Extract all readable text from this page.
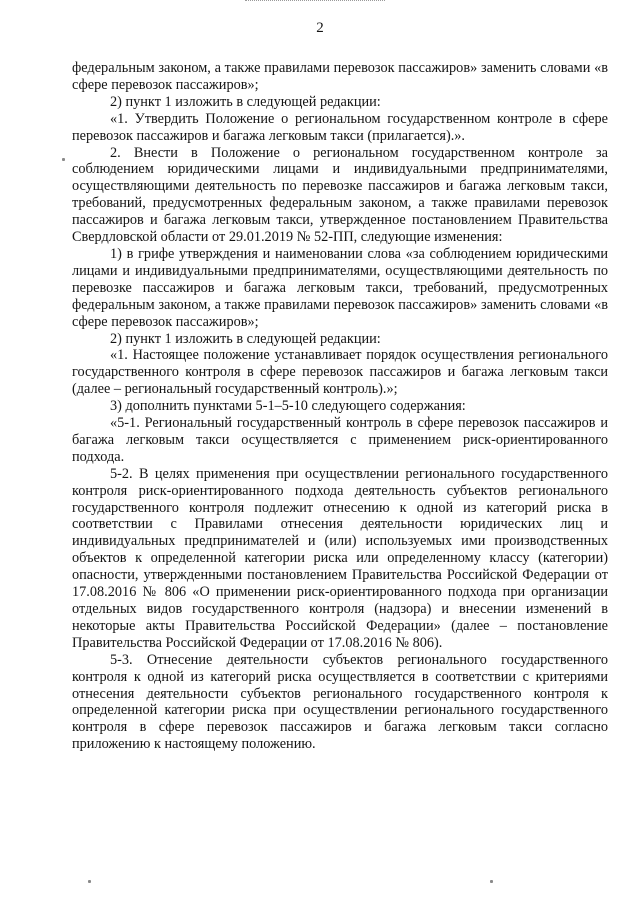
2

федеральным законом, а также правилами перевозок пассажиров» заменить словами «в сфере перевозок пассажиров»;

2) пункт 1 изложить в следующей редакции:

«1. Утвердить Положение о региональном государственном контроле в сфере перевозок пассажиров и багажа легковым такси (прилагается).».

2. Внести в Положение о региональном государственном контроле за соблюдением юридическими лицами и индивидуальными предпринимателями, осуществляющими деятельность по перевозке пассажиров и багажа легковым такси, требований, предусмотренных федеральным законом, а также правилами перевозок пассажиров и багажа легковым такси, утвержденное постановлением Правительства Свердловской области от 29.01.2019 № 52-ПП, следующие изменения:

1) в грифе утверждения и наименовании слова «за соблюдением юридическими лицами и индивидуальными предпринимателями, осуществляющими деятельность по перевозке пассажиров и багажа легковым такси, требований, предусмотренных федеральным законом, а также правилами перевозок пассажиров» заменить словами «в сфере перевозок пассажиров»;

2) пункт 1 изложить в следующей редакции:

«1. Настоящее положение устанавливает порядок осуществления регионального государственного контроля в сфере перевозок пассажиров и багажа легковым такси (далее – региональный государственный контроль).»;

3) дополнить пунктами 5-1–5-10 следующего содержания:

«5-1. Региональный государственный контроль в сфере перевозок пассажиров и багажа легковым такси осуществляется с применением риск-ориентированного подхода.

5-2. В целях применения при осуществлении регионального государственного контроля риск-ориентированного подхода деятельность субъектов регионального государственного контроля подлежит отнесению к одной из категорий риска в соответствии с Правилами отнесения деятельности юридических лиц и индивидуальных предпринимателей и (или) используемых ими производственных объектов к определенной категории риска или определенному классу (категории) опасности, утвержденными постановлением Правительства Российской Федерации от 17.08.2016 № 806 «О применении риск-ориентированного подхода при организации отдельных видов государственного контроля (надзора) и внесении изменений в некоторые акты Правительства Российской Федерации» (далее – постановление Правительства Российской Федерации от 17.08.2016 № 806).

5-3. Отнесение деятельности субъектов регионального государственного контроля к одной из категорий риска осуществляется в соответствии с критериями отнесения деятельности субъектов регионального государственного контроля к определенной категории риска при осуществлении регионального государственного контроля в сфере перевозок пассажиров и багажа легковым такси согласно приложению к настоящему положению.
